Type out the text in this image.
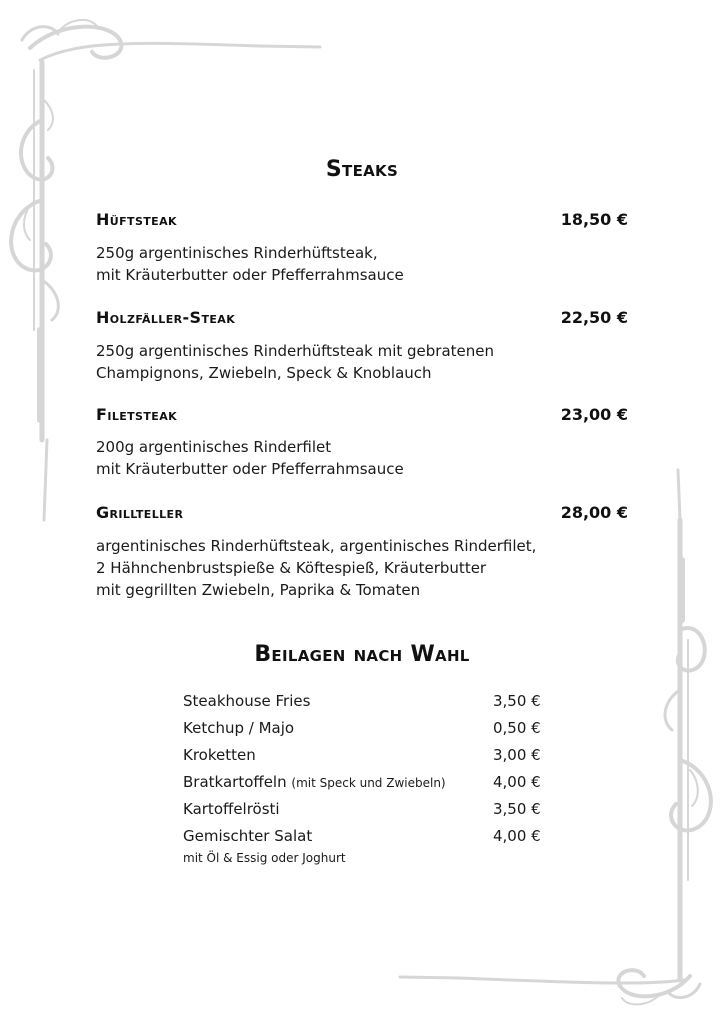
Steaks
Hüftsteak	18,50 €
250g argentinisches Rinderhüftsteak,
mit Kräuterbutter oder Pfefferrahmsauce
Holzfäller-Steak	22,50 €
250g argentinisches Rinderhüftsteak mit gebratenen
Champignons, Zwiebeln, Speck & Knoblauch
Filetsteak	23,00 €
200g argentinisches Rinderfilet
mit Kräuterbutter oder Pfefferrahmsauce
Grillteller	28,00 €
argentinisches Rinderhüftsteak, argentinisches Rinderfilet,
2 Hähnchenbrustspieße & Köftespieß, Kräuterbutter
mit gegrillten Zwiebeln, Paprika & Tomaten
Beilagen nach Wahl
Steakhouse Fries	3,50 €
Ketchup / Majo	0,50 €
Kroketten	3,00 €
Bratkartoffeln (mit Speck und Zwiebeln)	4,00 €
Kartoffelrösti	3,50 €
Gemischter Salat	4,00 €
mit Öl & Essig oder Joghurt
